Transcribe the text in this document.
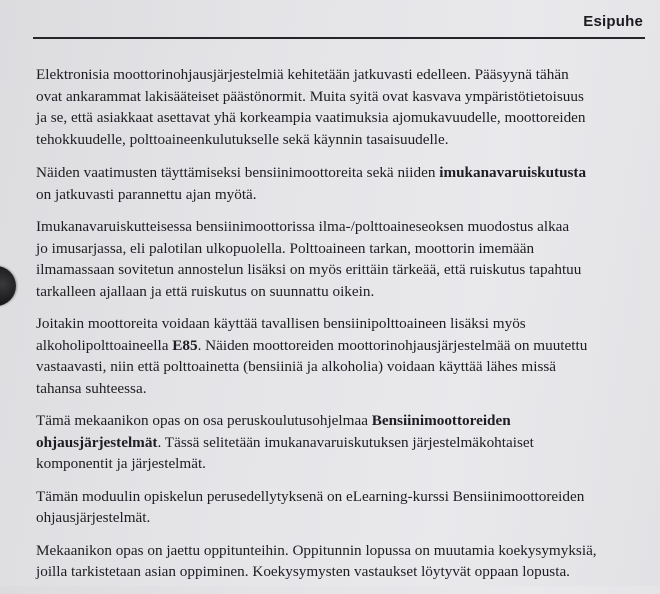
Esipuhe

Elektronisia moottorinohjausjärjestelmiä kehitetään jatkuvasti edelleen. Pääsyynä tähän
ovat ankarammat lakisääteiset päästönormit. Muita syitä ovat kasvava ympäristötietoisuus
ja se, että asiakkaat asettavat yhä korkeampia vaatimuksia ajomukavuudelle, moottoreiden
tehokkuudelle, polttoaineenkulutukselle sekä käynnin tasaisuudelle.

Näiden vaatimusten täyttämiseksi bensiinimoottoreita sekä niiden imukanavaruiskutusta
on jatkuvasti parannettu ajan myötä.

Imukanavaruiskutteisessa bensiinimoottorissa ilma-/polttoaineseoksen muodostus alkaa
jo imusarjassa, eli palotilan ulkopuolella. Polttoaineen tarkan, moottorin imemään
ilmamassaan sovitetun annostelun lisäksi on myös erittäin tärkeää, että ruiskutus tapahtuu
tarkalleen ajallaan ja että ruiskutus on suunnattu oikein.

Joitakin moottoreita voidaan käyttää tavallisen bensiinipolttoaineen lisäksi myös
alkoholipolttoaineella E85. Näiden moottoreiden moottorinohjausjärjestelmää on muutettu
vastaavasti, niin että polttoainetta (bensiiniä ja alkoholia) voidaan käyttää lähes missä
tahansa suhteessa.

Tämä mekaanikon opas on osa peruskoulutusohjelmaa Bensiinimoottoreiden
ohjausjärjestelmät. Tässä selitetään imukanavaruiskutuksen järjestelmäkohtaiset
komponentit ja järjestelmät.

Tämän moduulin opiskelun perusedellytyksenä on eLearning-kurssi Bensiinimoottoreiden
ohjausjärjestelmät.

Mekaanikon opas on jaettu oppitunteihin. Oppitunnin lopussa on muutamia koekysymyksiä,
joilla tarkistetaan asian oppiminen. Koekysymysten vastaukset löytyvät oppaan lopusta.
